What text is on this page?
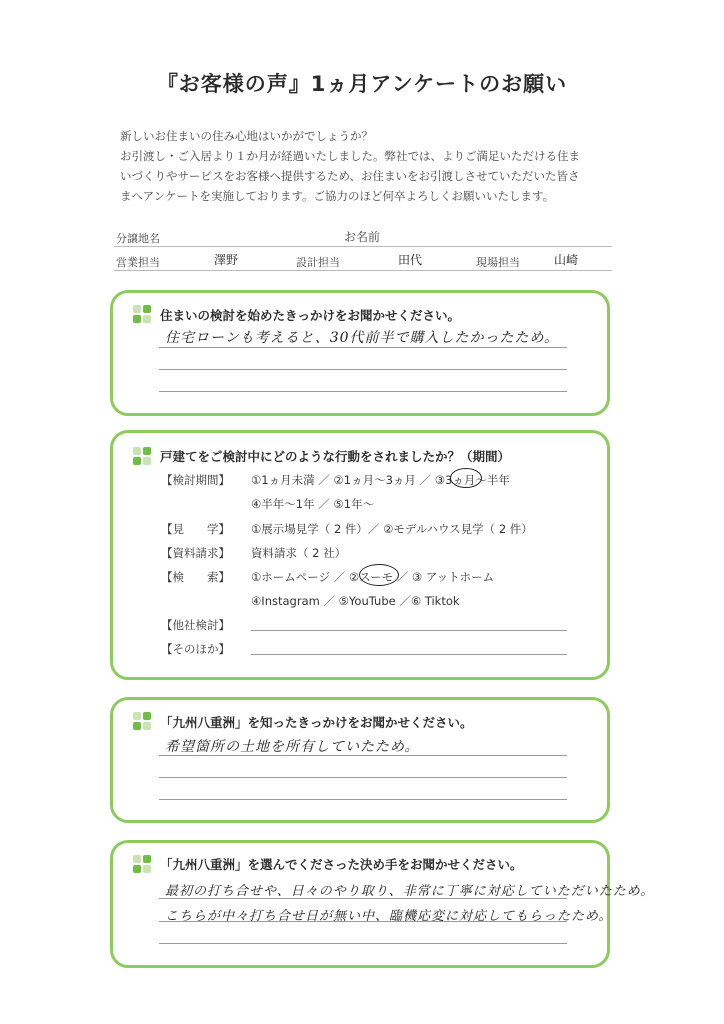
『お客様の声』1ヵ月アンケートのお願い
新しいお住まいの住み心地はいかがでしょうか？
お引渡し・ご入居より１か月が経過いたしました。弊社では、よりご満足いただける住ま
いづくりやサービスをお客様へ提供するため、お住まいをお引渡しさせていただいた皆さ
まへアンケートを実施しております。ご協力のほど何卒よろしくお願いいたします。
分譲地名	お名前
営業担当	澤野	設計担当	田代	現場担当	山崎
住まいの検討を始めたきっかけをお聞かせください。
住宅ローンも考えると、30代前半で購入したかったため。
戸建てをご検討中にどのような行動をされましたか？（期間）
【検討期間】 ①1ヵ月未満 ／ ②1ヵ月～3ヵ月 ／ ③3ヵ月～半年
④半年～1年 ／ ⑤1年～
【見　　学】 ①展示場見学（ 2 件）／ ②モデルハウス見学（ 2 件）
【資料請求】 資料請求（ 2 社）
【検　　索】 ①ホームページ ／ ②スーモ ／ ③ アットホーム
④Instagram ／ ⑤YouTube ／⑥ Tiktok
【他社検討】
【そのほか】
「九州八重洲」を知ったきっかけをお聞かせください。
希望箇所の土地を所有していたため。
「九州八重洲」を選んでくださった決め手をお聞かせください。
最初の打ち合せや、日々のやり取り、非常に丁寧に対応していただいたため。
こちらが中々打ち合せ日が無い中、臨機応変に対応してもらったため。
